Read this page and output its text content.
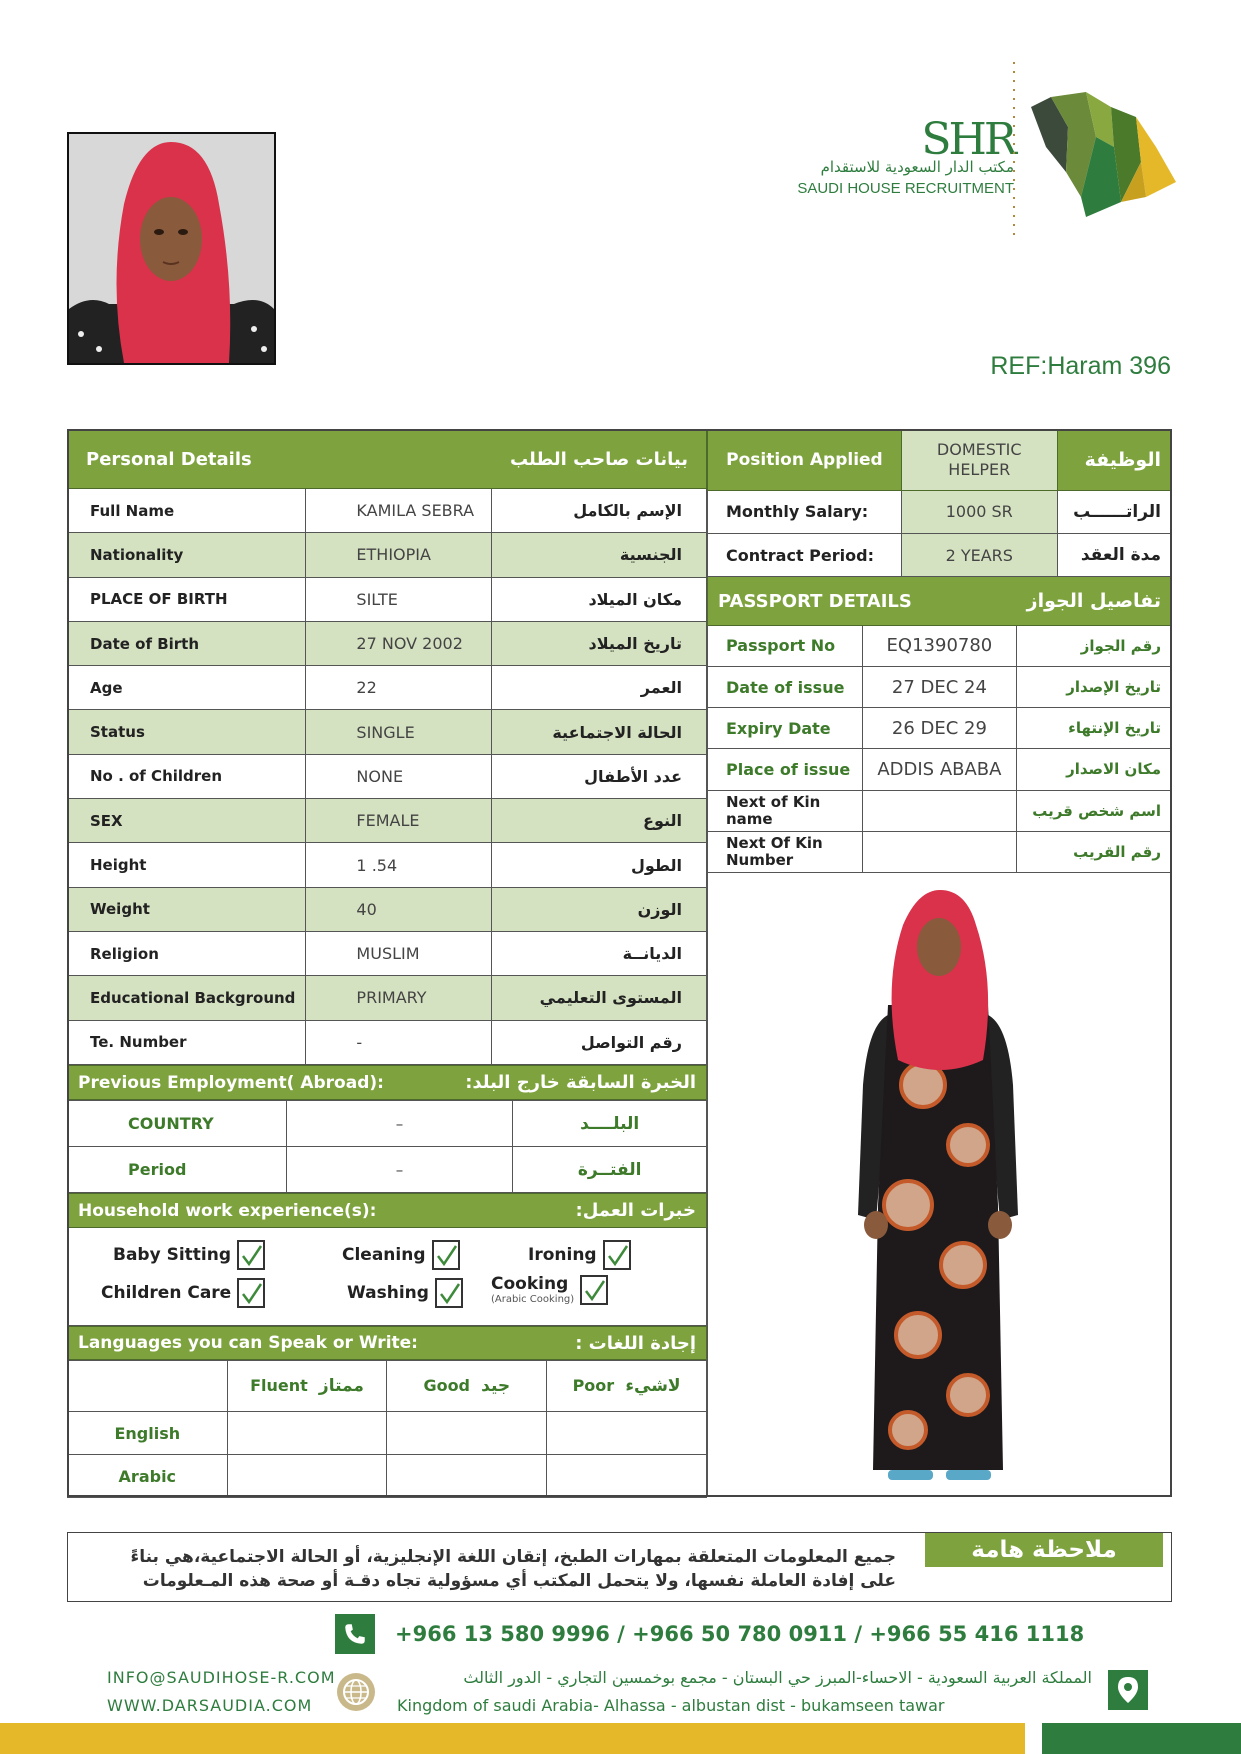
SHR
مكتب الدار السعودية للاستقدام
SAUDI HOUSE RECRUITMENT
REF:Haram 396
Personal Details		بيانات صاحب الطلب
Full Name	KAMILA SEBRA	الإسم بالكامل
Nationality	ETHIOPIA	الجنسية
PLACE OF BIRTH	SILTE	مكان الميلاد
Date of Birth	27 NOV 2002	تاريخ الميلاد
Age	22	العمر
Status	SINGLE	الحالة الاجتماعية
No . of Children	NONE	عدد الأطفال
SEX	FEMALE	النوع
Height	1 .54	الطول
Weight	40	الوزن
Religion	MUSLIM	الديانــة
Educational Background	PRIMARY	المستوى التعليمي
Te. Number	-	رقم التواصل
Position Applied		DOMESTIC HELPER		الوظيفة
Monthly Salary:		1000 SR		الراتــــــب
Contract Period:		2 YEARS		مدة العقد
PASSPORT DETAILS			تفاصيل الجواز	
Passport No	EQ1390780		رقم الجواز	
Date of issue	27 DEC 24		تاريخ الإصدار	
Expiry Date	26 DEC 29		تاريخ الإنتهاء	
Place of issue	ADDIS ABABA		مكان الاصدار	
Next of Kin name			اسم شخص قريب	
Next Of Kin Number			رقم القريب	
Previous Employment( Abroad):	الخبرة السابقة خارج البلد:
COUNTRY	–	البلــــد
Period	–	الفتــرة
Household work experience(s):	خبرات العمل:
Baby Sitting	Cleaning	Ironing
Children Care	Washing	Cooking
(Arabic Cooking)
Languages you can Speak or Write:	إجادة اللغات :
	Fluent ممتاز	Good جيد	Poor لاشيء
English			
Arabic			
ملاحظة هامة
جميع المعلومات المتعلقة بمهارات الطبخ، إتقان اللغة الإنجليزية، أو الحالة الاجتماعية،هي بناءً
على إفادة العاملة نفسها، ولا يتحمل المكتب أي مسؤولية تجاه دقـة أو صحة هذه المـعلومات
+966 13 580 9996 / +966 50 780 0911 / +966 55 416 1118
INFO@SAUDIHOSE-R.COM
WWW.DARSAUDIA.COM
المملكة العربية السعودية - الاحساء-المبرز حي البستان - مجمع بوخمسين التجاري - الدور الثالث
Kingdom of saudi Arabia- Alhassa - albustan dist - bukamseen tawar
